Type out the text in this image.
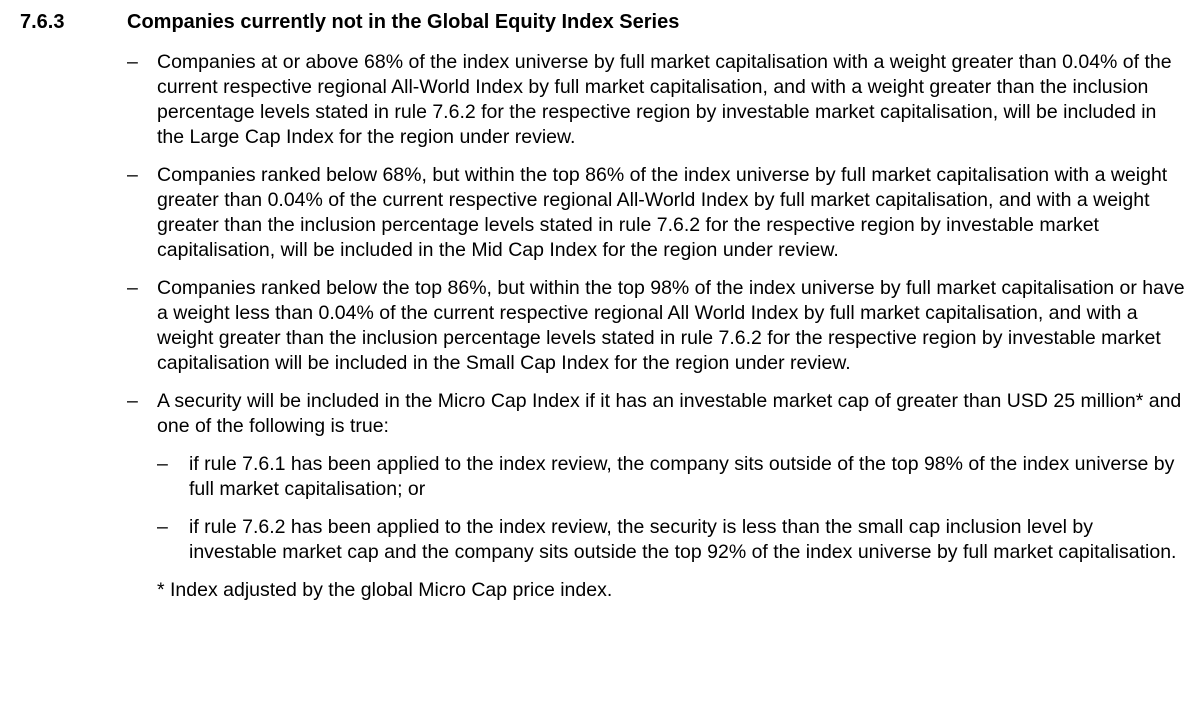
7.6.3	Companies currently not in the Global Equity Index Series
– Companies at or above 68% of the index universe by full market capitalisation with a weight greater than 0.04% of the current respective regional All-World Index by full market capitalisation, and with a weight greater than the inclusion percentage levels stated in rule 7.6.2 for the respective region by investable market capitalisation, will be included in the Large Cap Index for the region under review.
– Companies ranked below 68%, but within the top 86% of the index universe by full market capitalisation with a weight greater than 0.04% of the current respective regional All-World Index by full market capitalisation, and with a weight greater than the inclusion percentage levels stated in rule 7.6.2 for the respective region by investable market capitalisation, will be included in the Mid Cap Index for the region under review.
– Companies ranked below the top 86%, but within the top 98% of the index universe by full market capitalisation or have a weight less than 0.04% of the current respective regional All World Index by full market capitalisation, and with a weight greater than the inclusion percentage levels stated in rule 7.6.2 for the respective region by investable market capitalisation will be included in the Small Cap Index for the region under review.
– A security will be included in the Micro Cap Index if it has an investable market cap of greater than USD 25 million* and one of the following is true:
– if rule 7.6.1 has been applied to the index review, the company sits outside of the top 98% of the index universe by full market capitalisation; or
– if rule 7.6.2 has been applied to the index review, the security is less than the small cap inclusion level by investable market cap and the company sits outside the top 92% of the index universe by full market capitalisation.
* Index adjusted by the global Micro Cap price index.
